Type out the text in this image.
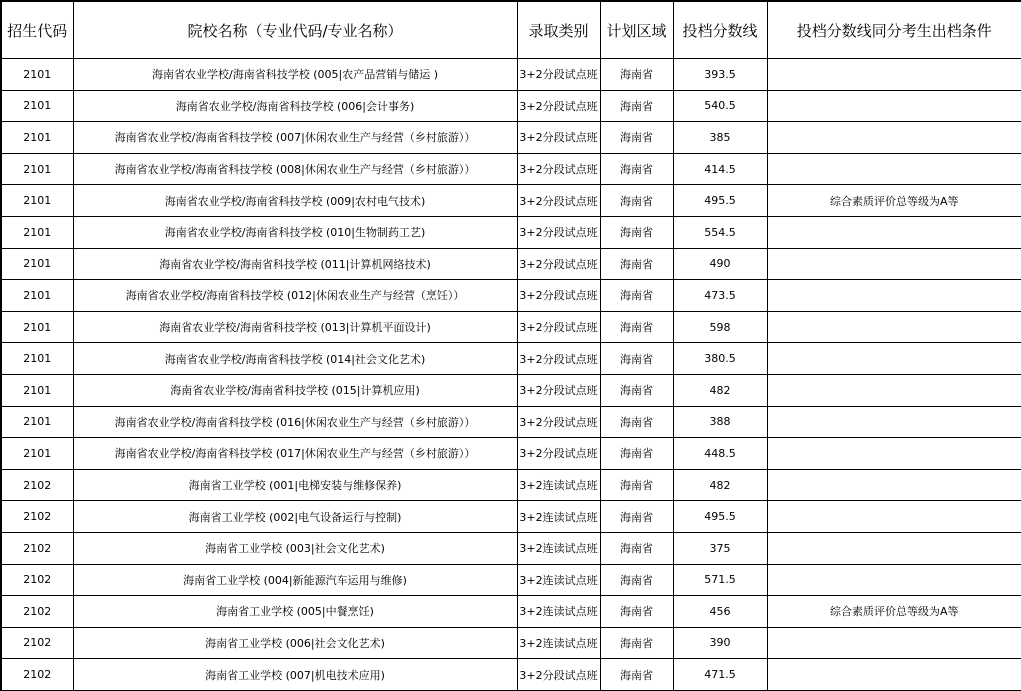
招生代码	院校名称（专业代码/专业名称）	录取类别	计划区域	投档分数线	投档分数线同分考生出档条件
2101	海南省农业学校/海南省科技学校 (005|农产品营销与储运 )	3+2分段试点班	海南省	393.5	
2101	海南省农业学校/海南省科技学校 (006|会计事务)	3+2分段试点班	海南省	540.5	
2101	海南省农业学校/海南省科技学校 (007|休闲农业生产与经营（乡村旅游））	3+2分段试点班	海南省	385	
2101	海南省农业学校/海南省科技学校 (008|休闲农业生产与经营（乡村旅游））	3+2分段试点班	海南省	414.5	
2101	海南省农业学校/海南省科技学校 (009|农村电气技术)	3+2分段试点班	海南省	495.5	综合素质评价总等级为A等
2101	海南省农业学校/海南省科技学校 (010|生物制药工艺)	3+2分段试点班	海南省	554.5	
2101	海南省农业学校/海南省科技学校 (011|计算机网络技术)	3+2分段试点班	海南省	490	
2101	海南省农业学校/海南省科技学校 (012|休闲农业生产与经营（烹饪））	3+2分段试点班	海南省	473.5	
2101	海南省农业学校/海南省科技学校 (013|计算机平面设计)	3+2分段试点班	海南省	598	
2101	海南省农业学校/海南省科技学校 (014|社会文化艺术)	3+2分段试点班	海南省	380.5	
2101	海南省农业学校/海南省科技学校 (015|计算机应用)	3+2分段试点班	海南省	482	
2101	海南省农业学校/海南省科技学校 (016|休闲农业生产与经营（乡村旅游））	3+2分段试点班	海南省	388	
2101	海南省农业学校/海南省科技学校 (017|休闲农业生产与经营（乡村旅游））	3+2分段试点班	海南省	448.5	
2102	海南省工业学校 (001|电梯安装与维修保养)	3+2连读试点班	海南省	482	
2102	海南省工业学校 (002|电气设备运行与控制)	3+2连读试点班	海南省	495.5	
2102	海南省工业学校 (003|社会文化艺术)	3+2连读试点班	海南省	375	
2102	海南省工业学校 (004|新能源汽车运用与维修)	3+2连读试点班	海南省	571.5	
2102	海南省工业学校 (005|中餐烹饪)	3+2连读试点班	海南省	456	综合素质评价总等级为A等
2102	海南省工业学校 (006|社会文化艺术)	3+2连读试点班	海南省	390	
2102	海南省工业学校 (007|机电技术应用)	3+2分段试点班	海南省	471.5	
